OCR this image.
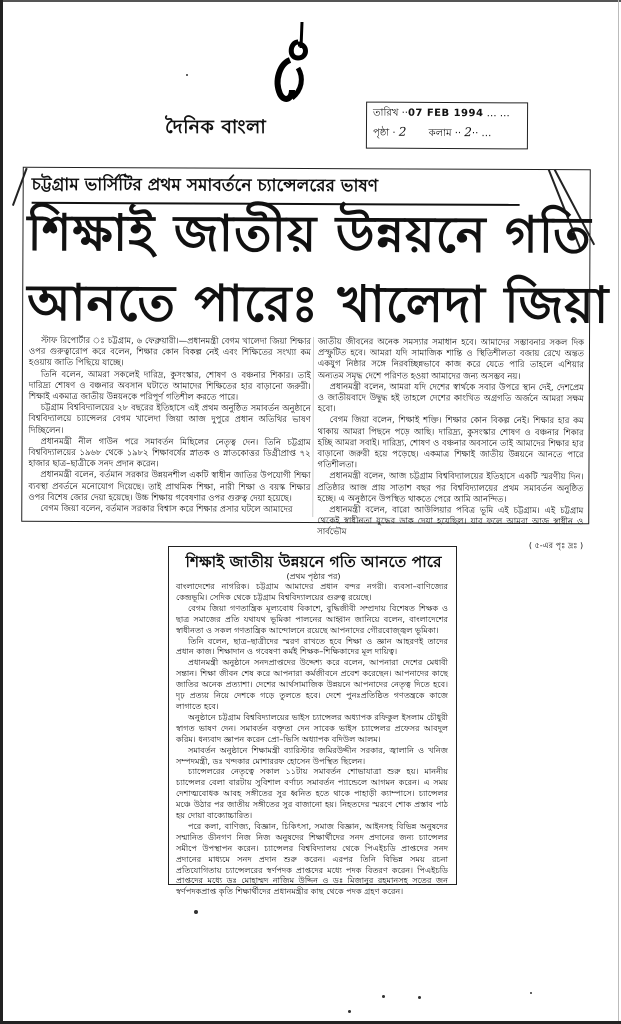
দৈনিক বাংলা
তারিখ ··07 FEB 1994 … …
পৃষ্ঠা · 2 কলাম ·· 2·· …
চট্টগ্রাম ভার্সিটির প্রথম সমাবর্তনে চ্যান্সেলরের ভাষণ
শিক্ষাই জাতীয় উন্নয়নে গতি
আনতে পারেঃ খালেদা জিয়া

স্টাফ রিপোর্টার ঃ চট্টগ্রাম, ৬ ফেব্রুয়ারী।—প্রধানমন্ত্রী বেগম খালেদা জিয়া শিক্ষার ওপর গুরুত্বারোপ করে বলেন, শিক্ষার কোন বিকল্প নেই এবং শিক্ষিতের সংখ্যা কম হওয়ায় জাতি পিছিয়ে যাচ্ছে।

তিনি বলেন, আমরা সকলেই দারিদ্র, কুসংস্কার, শোষণ ও বঞ্চনার শিকার। তাই দারিদ্র্য শোষণ ও বঞ্চনার অবসান ঘটাতে আমাদের শিক্ষিতের হার বাড়ানো জরুরী। শিক্ষাই একমাত্র জাতীয় উন্নয়নকে পরিপূর্ণ গতিশীল করতে পারে।

চট্টগ্রাম বিশ্ববিদ্যালয়ের ২৮ বছরের ইতিহাসে এই প্রথম অনুষ্ঠিত সমাবর্তন অনুষ্ঠানে বিশ্ববিদ্যালয়ে চ্যান্সেলর বেগম খালেদা জিয়া আজ দুপুরে প্রধান অতিথির ভাষণ দিচ্ছিলেন।

প্রধানমন্ত্রী নীল গাউন পরে সমাবর্তন মিছিলের নেতৃত্ব দেন। তিনি চট্টগ্রাম বিশ্ববিদ্যালয়ের ১৯৬৮ থেকে ১৯৮২ শিক্ষাবর্ষের স্নাতক ও স্নাতকোত্তর ডিগ্রীপ্রাপ্ত ৭২ হাজার ছাত্র–ছাত্রীকে সনদ প্রদান করেন।

প্রধানমন্ত্রী বলেন, বর্তমান সরকার উন্নয়নশীল একটি স্বাধীন জাতির উপযোগী শিক্ষা ব্যবস্থা প্রবর্তনে মনোযোগ দিয়েছে। তাই প্রাথমিক শিক্ষা, নারী শিক্ষা ও বয়স্ক শিক্ষার ওপর বিশেষ জোর দেয়া হয়েছে। উচ্চ শিক্ষায় গবেষণার ওপর গুরুত্ব দেয়া হয়েছে।

বেগম জিয়া বলেন, বর্তমান সরকার বিশ্বাস করে শিক্ষার প্রসার ঘটলে আমাদের

জাতীয় জীবনের অনেক সমস্যার সমাধান হবে। আমাদের সম্ভাবনার সকল দিক প্রস্ফুটিত হবে। আমরা যদি সামাজিক শান্তি ও স্থিতিশীলতা বজায় রেখে অন্তত একযুগ নিষ্ঠার সঙ্গে নিরবচ্ছিন্নভাবে কাজ করে যেতে পারি তাহলে এশিয়ার অন্যতম সমৃদ্ধ দেশে পরিণত হওয়া আমাদের জন্য অসম্ভব নয়।

প্রধানমন্ত্রী বলেন, আমরা যদি দেশের স্বার্থকে সবার উপরে স্থান দেই, দেশপ্রেম ও জাতীয়বাদে উদ্বুদ্ধ হই তাহলে দেশের কাংখিত অগ্রগতি অর্জনে আমরা সক্ষম হবো।

বেগম জিয়া বলেন, শিক্ষাই শক্তি। শিক্ষার কোন বিকল্প নেই। শিক্ষার হার কম থাকায় আমরা পিছনে পড়ে আছি। দারিদ্র্য, কুসংস্কার শোষণ ও বঞ্চনার শিকার হচ্ছি আমরা সবাই। দারিদ্র্য, শোষণ ও বঞ্চনার অবসানে তাই আমাদের শিক্ষার হার বাড়ানো জরুরী হয়ে পড়েছে। একমাত্র শিক্ষাই জাতীয় উন্নয়নে আনতে পারে গতিশীলতা।

প্রধানমন্ত্রী বলেন, আজ চট্টগ্রাম বিশ্ববিদ্যালয়ের ইতিহাসে একটি স্মরণীয় দিন। প্রতিষ্ঠার আজ প্রায় সাতাশ বছর পর বিশ্ববিদ্যালয়ের প্রথম সমাবর্তন অনুষ্ঠিত হচ্ছে। এ অনুষ্ঠানে উপস্থিত থাকতে পেরে আমি আনন্দিত।

প্রধানমন্ত্রী বলেন, বারো আউলিয়ার পবিত্র ভূমি এই চট্টগ্রাম। এই চট্টগ্রাম থেকেই স্বাধীনতা যুদ্ধের ডাক দেয়া হয়েছিল। যার ফলে আমরা আজ স্বাধীন ও সার্বভৌম

( ৫-এর পৃঃ দ্রঃ )
শিক্ষাই জাতীয় উন্নয়নে গতি আনতে পারে
(প্রথম পৃষ্ঠার পর)

বাংলাদেশের নাগরিক। চট্টগ্রাম আমাদের প্রধান বন্দর নগরী। ব্যবসা–বাণিজ্যের কেন্দ্রভূমি। সেদিক থেকে চট্টগ্রাম বিশ্ববিদ্যালয়ের গুরুত্ব রয়েছে।

বেগম জিয়া গণতান্ত্রিক মূল্যবোধ বিকাশে, বুদ্ধিজীবী সম্প্রদায় বিশেষত শিক্ষক ও ছাত্র সমাজের প্রতি যথাযথ ভূমিকা পালনের আহ্বান জানিয়ে বলেন, বাংলাদেশের স্বাধীনতা ও সকল গণতান্ত্রিক আন্দোলনে রয়েছে আপনাদের গৌরবোজ্জ্বল ভূমিকা।

তিনি বলেন, ছাত্র–ছাত্রীদের স্মরণ রাখতে হবে শিক্ষা ও জ্ঞান আহরণই তাদের প্রধান কাজ। শিক্ষাদান ও গবেষণা কর্মই শিক্ষক–শিক্ষিকাদের মূল দায়িত্ব।

প্রধানমন্ত্রী অনুষ্ঠানে সনদপ্রাপ্তদের উদ্দেশ্য করে বলেন, আপনারা দেশের মেধাবী সন্তান। শিক্ষা জীবন শেষ করে আপনারা কর্মজীবনে প্রবেশ করেছেন। আপনাদের কাছে জাতির অনেক প্রত্যাশা। দেশের আর্থসামাজিক উন্নয়নে আপনাদের নেতৃত্ব দিতে হবে। দৃঢ় প্রত্যয় নিয়ে দেশকে গড়ে তুলতে হবে। দেশে পুনঃপ্রতিষ্ঠিত গণতন্ত্রকে কাজে লাগাতে হবে।

অনুষ্ঠানে চট্টগ্রাম বিশ্ববিদ্যালয়ের ভাইস চ্যান্সেলর অধ্যাপক রফিকুল ইসলাম চৌধুরী স্বাগত ভাষণ দেন। সমাবর্তন বক্তৃতা দেন সাবেক ভাইস চ্যান্সেলর প্রফেসর আবদুল করিম। ধন্যবাদ জ্ঞাপন করেন প্রো–ভিসি অধ্যাপক বদিউল আলম।

সমাবর্তন অনুষ্ঠানে শিক্ষামন্ত্রী ব্যারিস্টার জমিরউদ্দীন সরকার, জ্বালানি ও খনিজ সম্পদমন্ত্রী, ডঃ খন্দকার মোশাররফ হোসেন উপস্থিত ছিলেন।

চ্যান্সেলরের নেতৃত্বে সকাল ১১টায় সমাবর্তন শোভাযাত্রা শুরু হয়। মাননীয় চ্যান্সেলর বেলা বারটায় সুবিশাল বর্ণাঢ্য সমাবর্তন প্যান্ডেলে আগমন করেন। এ সময় দেশাত্মবোধক আবহ সঙ্গীতের সুর ধ্বনিত হতে থাকে পাহাড়ী ক্যাম্পাসে। চ্যান্সেলর মঞ্চে উঠার পর জাতীয় সঙ্গীতের সুর বাজানো হয়। নিহতদের স্মরণে শোক প্রস্তাব পাঠ হয় দোয়া বাক্যোচ্চারিত।

পরে কলা, বাণিজ্য, বিজ্ঞান, চিকিৎসা, সমাজ বিজ্ঞান, আইনসহ বিভিন্ন অনুষদের সম্মানিত ডীনগণ নিজ নিজ অনুষদের শিক্ষার্থীদের সনদ প্রদানের জন্য চ্যান্সেলর সমীপে উপস্থাপন করেন। চ্যান্সেলর বিশ্ববিদ্যালয় থেকে পিএইচডি প্রাপ্তদের সনদ প্রদানের মাধ্যমে সনদ প্রদান শুরু করেন। এরপর তিনি বিভিন্ন সময় রচনা প্রতিযোগিতায় চ্যান্সেলরের স্বর্ণপদক প্রাপ্তদের মধ্যে পদক বিতরণ করেন। পিএইচডি প্রাপ্তদের মধ্যে ডঃ মোহাম্মদ নাজিম উদ্দিন ও ডঃ মিজানুর রহমানসহ সতের জন স্বর্ণপদকপ্রাপ্ত কৃতি শিক্ষার্থীদের প্রধানমন্ত্রীর কাছ থেকে পদক গ্রহণ করেন।
